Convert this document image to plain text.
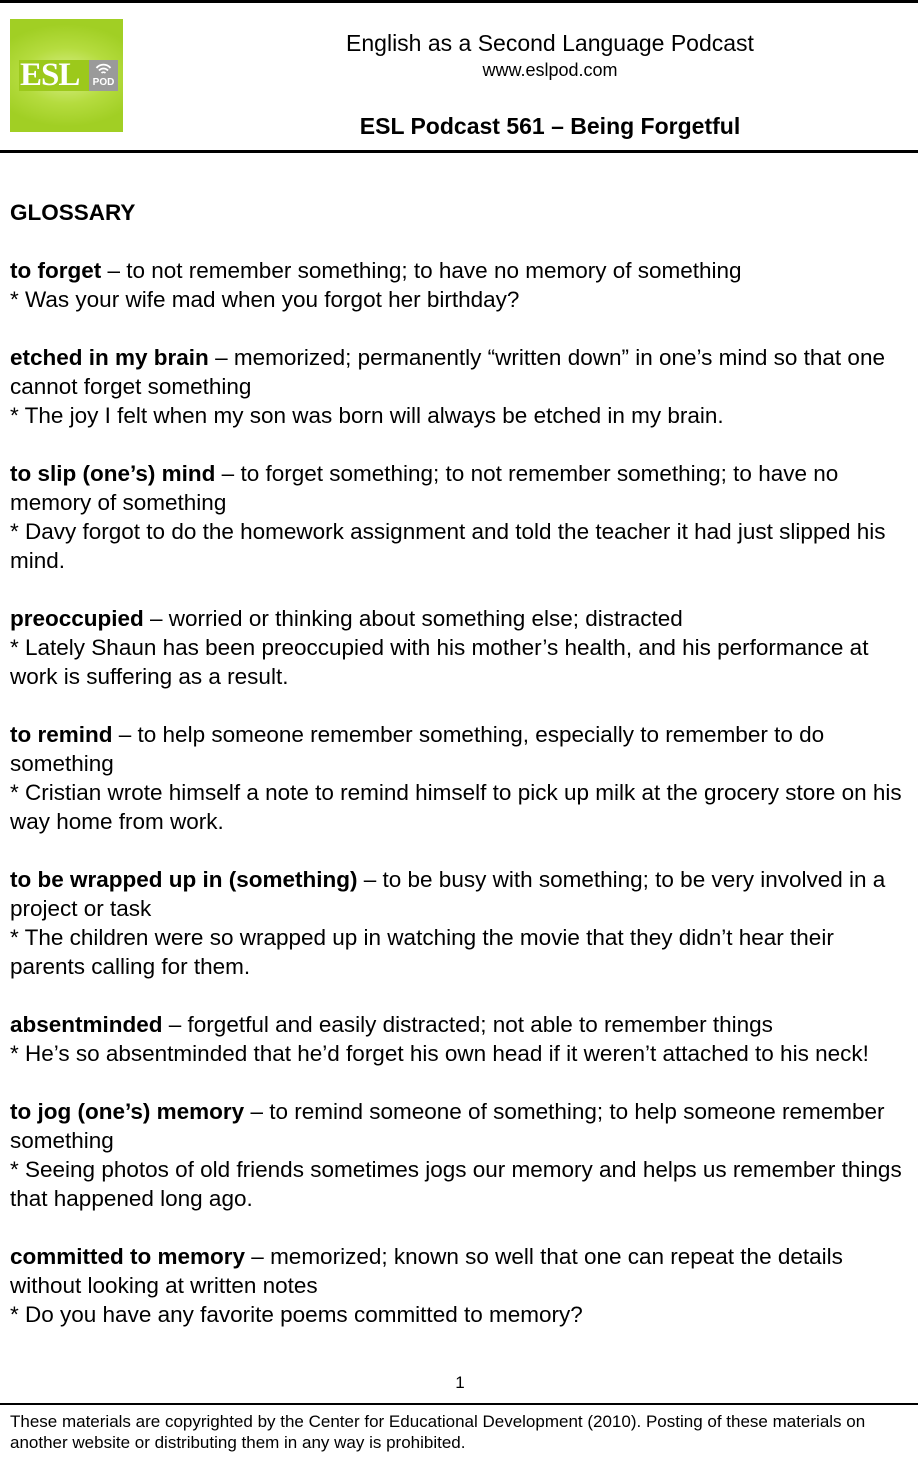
ESL	POD
English as a Second Language Podcast
www.eslpod.com
ESL Podcast 561 – Being Forgetful
GLOSSARY

to forget – to not remember something; to have no memory of something

* Was your wife mad when you forgot her birthday?

etched in my brain – memorized; permanently “written down” in one’s mind so that one cannot forget something

* The joy I felt when my son was born will always be etched in my brain.

to slip (one’s) mind – to forget something; to not remember something; to have no memory of something

* Davy forgot to do the homework assignment and told the teacher it had just slipped his mind.

preoccupied – worried or thinking about something else; distracted

* Lately Shaun has been preoccupied with his mother’s health, and his performance at work is suffering as a result.

to remind – to help someone remember something, especially to remember to do something

* Cristian wrote himself a note to remind himself to pick up milk at the grocery store on his way home from work.

to be wrapped up in (something) – to be busy with something; to be very involved in a project or task

* The children were so wrapped up in watching the movie that they didn’t hear their parents calling for them.

absentminded – forgetful and easily distracted; not able to remember things

* He’s so absentminded that he’d forget his own head if it weren’t attached to his neck!

to jog (one’s) memory – to remind someone of something; to help someone remember something

* Seeing photos of old friends sometimes jogs our memory and helps us remember things that happened long ago.

committed to memory – memorized; known so well that one can repeat the details without looking at written notes

* Do you have any favorite poems committed to memory?

1
These materials are copyrighted by the Center for Educational Development (2010). Posting of these materials on another website or distributing them in any way is prohibited.
